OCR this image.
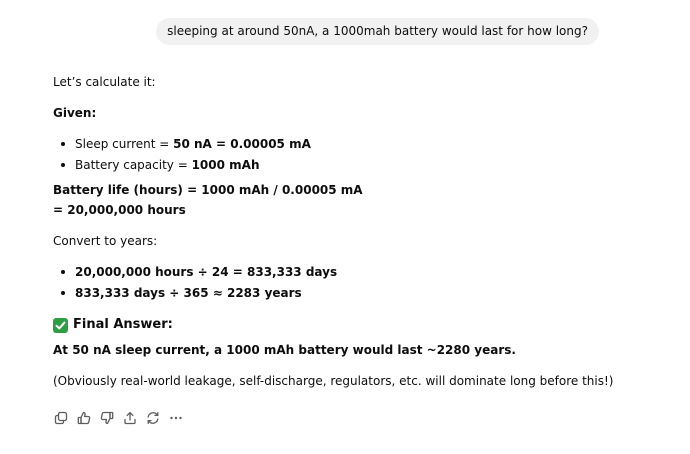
sleeping at around 50nA, a 1000mah battery would last for how long?

Let’s calculate it:

Given:

Sleep current = 50 nA = 0.00005 mA
Battery capacity = 1000 mAh

Battery life (hours) = 1000 mAh / 0.00005 mA

= 20,000,000 hours

Convert to years:

20,000,000 hours ÷ 24 = 833,333 days
833,333 days ÷ 365 ≈ 2283 years
Final Answer:

At 50 nA sleep current, a 1000 mAh battery would last ~2280 years.

(Obviously real-world leakage, self-discharge, regulators, etc. will dominate long before this!)
